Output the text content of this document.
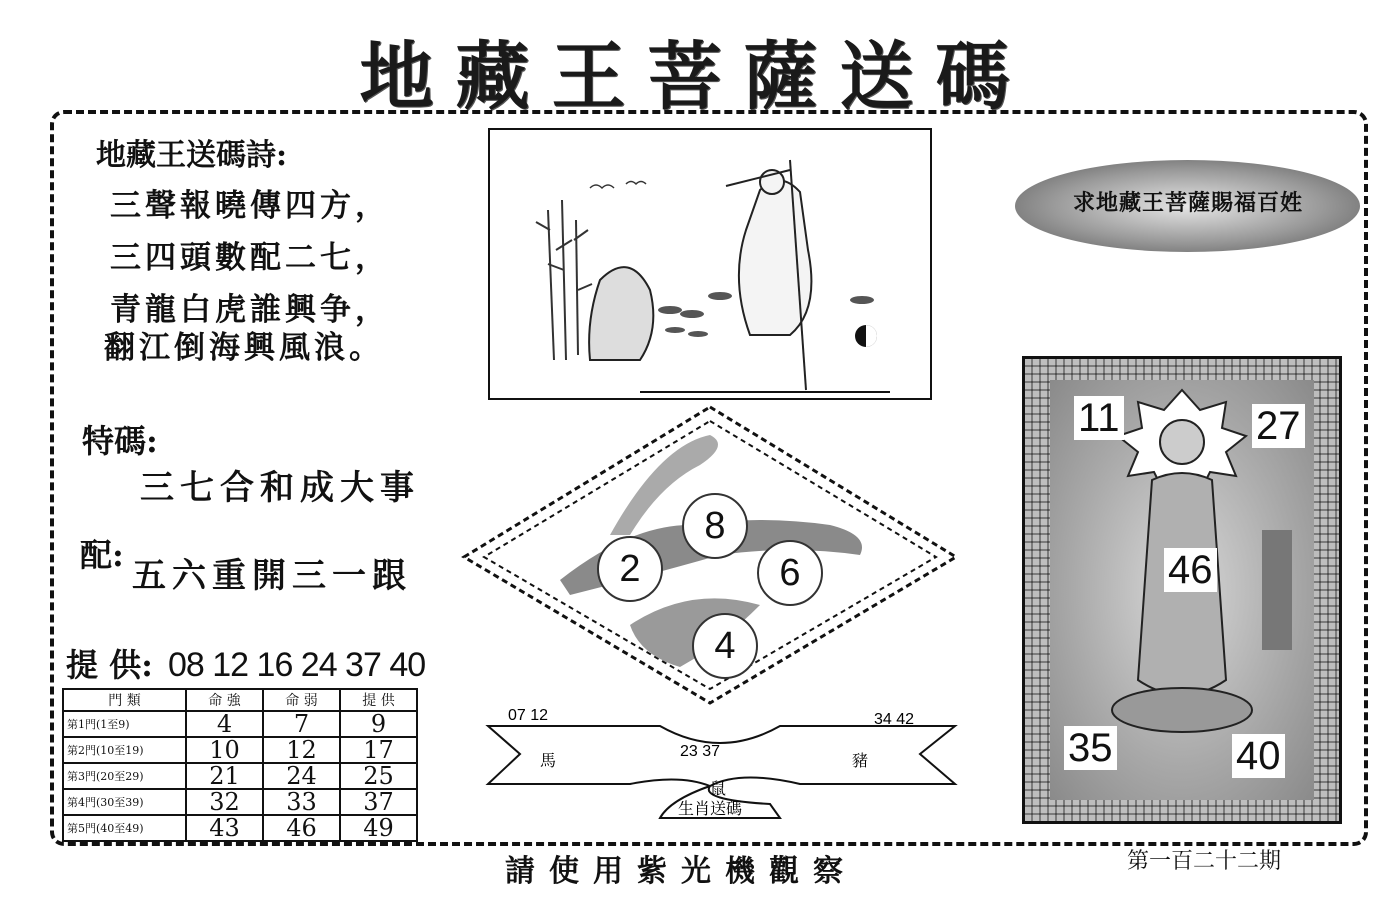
地藏王菩薩送碼
地藏王送碼詩:
三聲報曉傳四方，
三四頭數配二七，
青龍白虎誰興争，
翻江倒海興風浪。
特碼:
三七合和成大事
配:
五六重開三一跟
提 供: 08 12 16 24 37 40
門 類	命 強	命 弱	提 供
第1門(1至9)	4	7	9
第2門(10至19)	10	12	17
第3門(20至29)	21	24	25
第4門(30至39)	32	33	37
第5門(40至49)	43	46	49
求地藏王菩薩賜福百姓
8
2	6
4
07 12
馬	23 37
鼠
34 42
豬
生肖送碼
11	27
46
35	40
請使用紫光機觀察	第一百二十二期
